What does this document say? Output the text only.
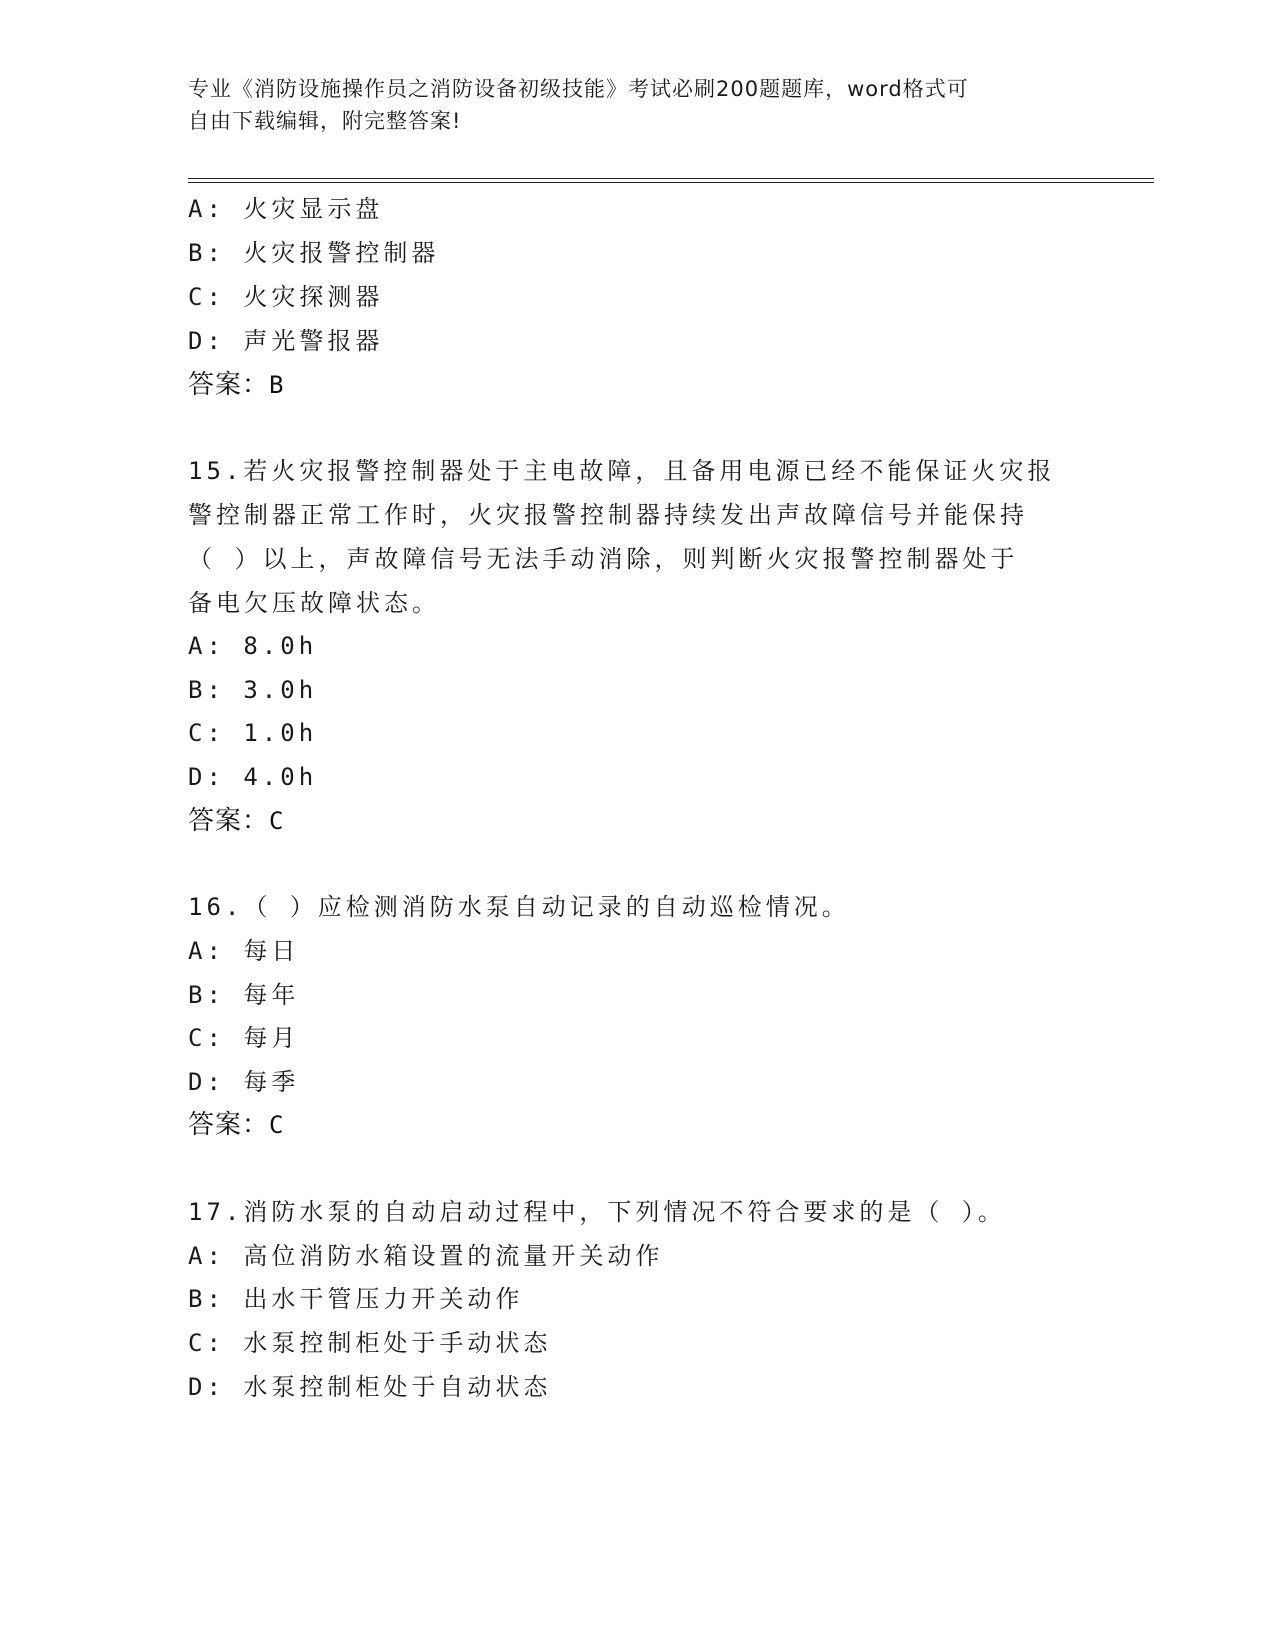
专业《消防设施操作员之消防设备初级技能》考试必刷200题题库，word格式可
自由下载编辑，附完整答案!
A: 火灾显示盘
B: 火灾报警控制器
C: 火灾探测器
D: 声光警报器
答案：B
15.若火灾报警控制器处于主电故障，且备用电源已经不能保证火灾报
警控制器正常工作时，火灾报警控制器持续发出声故障信号并能保持
（ ）以上，声故障信号无法手动消除，则判断火灾报警控制器处于
备电欠压故障状态。
A: 8.0h
B: 3.0h
C: 1.0h
D: 4.0h
答案：C
16.（ ）应检测消防水泵自动记录的自动巡检情况。
A: 每日
B: 每年
C: 每月
D: 每季
答案：C
17.消防水泵的自动启动过程中，下列情况不符合要求的是（ ）。
A: 高位消防水箱设置的流量开关动作
B: 出水干管压力开关动作
C: 水泵控制柜处于手动状态
D: 水泵控制柜处于自动状态
